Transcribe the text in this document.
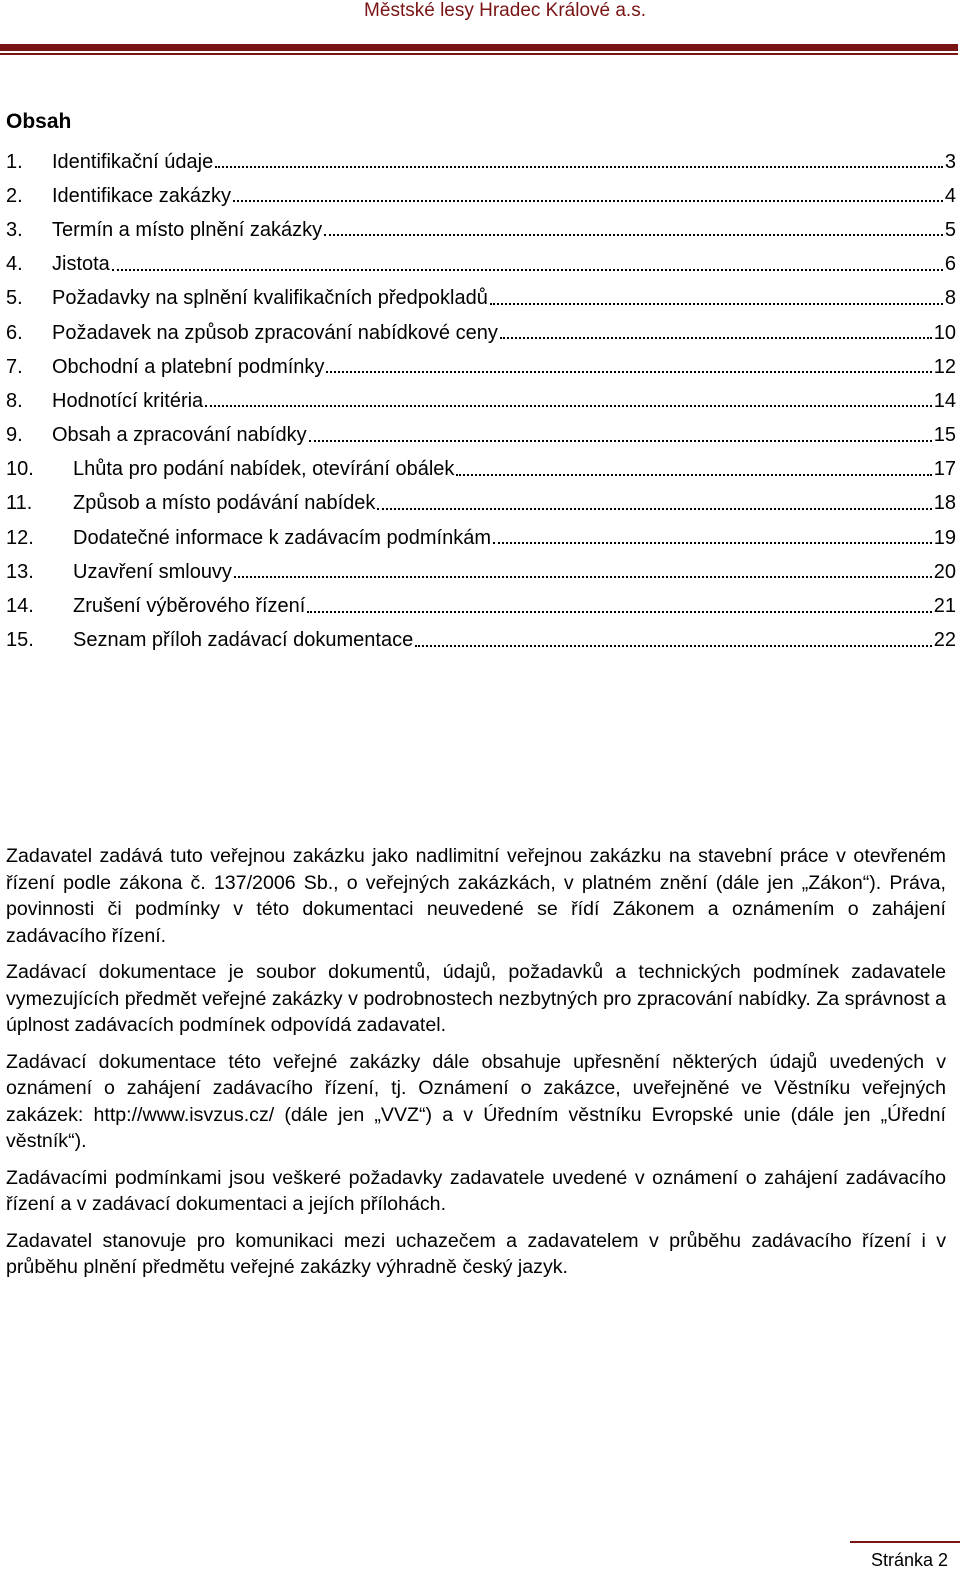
Městské lesy Hradec Králové a.s.
Obsah
1.	Identifikační údaje	3
2.	Identifikace zakázky	4
3.	Termín a místo plnění zakázky	5
4.	Jistota	6
5.	Požadavky na splnění kvalifikačních předpokladů	8
6.	Požadavek na způsob zpracování nabídkové ceny	10
7.	Obchodní a platební podmínky	12
8.	Hodnotící kritéria	14
9.	Obsah a zpracování nabídky	15
10.	Lhůta pro podání nabídek, otevírání obálek	17
11.	Způsob a místo podávání nabídek	18
12.	Dodatečné informace k zadávacím podmínkám	19
13.	Uzavření smlouvy	20
14.	Zrušení výběrového řízení	21
15.	Seznam příloh zadávací dokumentace	22

Zadavatel zadává tuto veřejnou zakázku jako nadlimitní veřejnou zakázku na stavební práce v otevřeném řízení podle zákona č. 137/2006 Sb., o veřejných zakázkách, v platném znění (dále jen „Zákon“). Práva, povinnosti či podmínky v této dokumentaci neuvedené se řídí Zákonem a oznámením o zahájení zadávacího řízení.

Zadávací dokumentace je soubor dokumentů, údajů, požadavků a technických podmínek zadavatele vymezujících předmět veřejné zakázky v podrobnostech nezbytných pro zpracování nabídky. Za správnost a úplnost zadávacích podmínek odpovídá zadavatel.

Zadávací dokumentace této veřejné zakázky dále obsahuje upřesnění některých údajů uvedených v oznámení o zahájení zadávacího řízení, tj. Oznámení o zakázce, uveřejněné ve Věstníku veřejných zakázek: http://www.isvzus.cz/ (dále jen „VVZ“) a v Úředním věstníku Evropské unie (dále jen „Úřední věstník“).

Zadávacími podmínkami jsou veškeré požadavky zadavatele uvedené v oznámení o zahájení zadávacího řízení a v zadávací dokumentaci a jejích přílohách.

Zadavatel stanovuje pro komunikaci mezi uchazečem a zadavatelem v průběhu zadávacího řízení i v průběhu plnění předmětu veřejné zakázky výhradně český jazyk.

Stránka 2
